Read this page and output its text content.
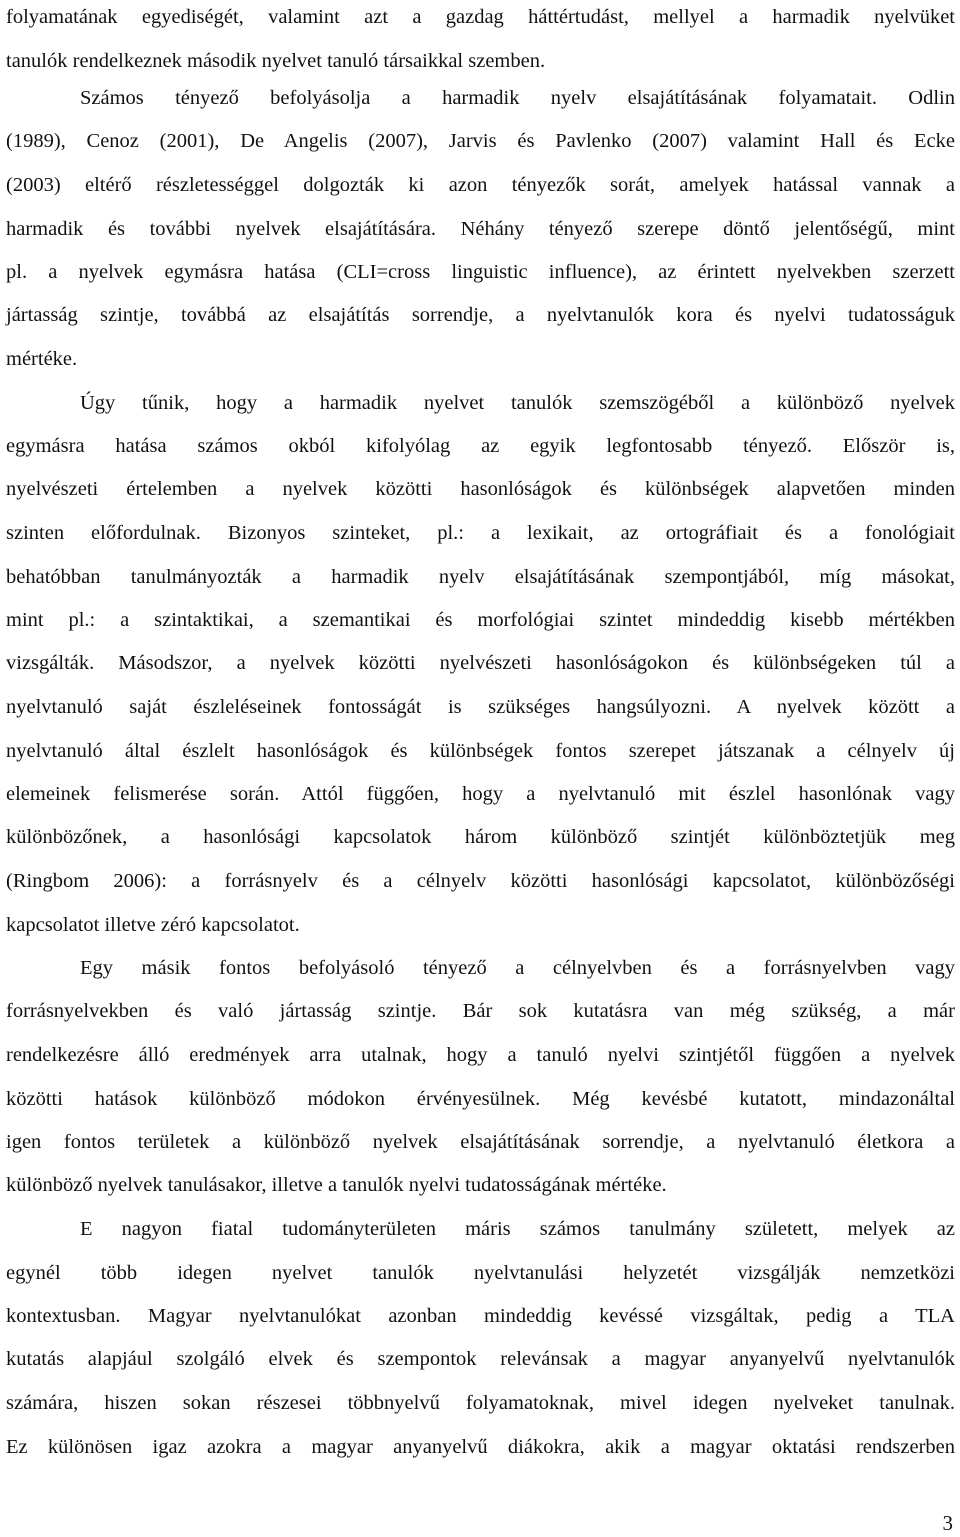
folyamatának egyediségét, valamint azt a gazdag háttértudást, mellyel a harmadik nyelvüket
tanulók rendelkeznek második nyelvet tanuló társaikkal szemben.
Számos tényező befolyásolja a harmadik nyelv elsajátításának folyamatait. Odlin
(1989), Cenoz (2001), De Angelis (2007), Jarvis és Pavlenko (2007) valamint Hall és Ecke
(2003) eltérő részletességgel dolgozták ki azon tényezők sorát, amelyek hatással vannak a
harmadik és további nyelvek elsajátítására. Néhány tényező szerepe döntő jelentőségű, mint
pl. a nyelvek egymásra hatása (CLI=cross linguistic influence), az érintett nyelvekben szerzett
jártasság szintje, továbbá az elsajátítás sorrendje, a nyelvtanulók kora és nyelvi tudatosságuk
mértéke.
Úgy tűnik, hogy a harmadik nyelvet tanulók szemszögéből a különböző nyelvek
egymásra hatása számos okból kifolyólag az egyik legfontosabb tényező. Először is,
nyelvészeti értelemben a nyelvek közötti hasonlóságok és különbségek alapvetően minden
szinten előfordulnak. Bizonyos szinteket, pl.: a lexikait, az ortográfiait és a fonológiait
behatóbban tanulmányozták a harmadik nyelv elsajátításának szempontjából, míg másokat,
mint pl.: a szintaktikai, a szemantikai és morfológiai szintet mindeddig kisebb mértékben
vizsgálták. Másodszor, a nyelvek közötti nyelvészeti hasonlóságokon és különbségeken túl a
nyelvtanuló saját észleléseinek fontosságát is szükséges hangsúlyozni. A nyelvek között a
nyelvtanuló által észlelt hasonlóságok és különbségek fontos szerepet játszanak a célnyelv új
elemeinek felismerése során. Attól függően, hogy a nyelvtanuló mit észlel hasonlónak vagy
különbözőnek, a hasonlósági kapcsolatok három különböző szintjét különböztetjük meg
(Ringbom 2006): a forrásnyelv és a célnyelv közötti hasonlósági kapcsolatot, különbözőségi
kapcsolatot illetve zéró kapcsolatot.
Egy másik fontos befolyásoló tényező a célnyelvben és a forrásnyelvben vagy
forrásnyelvekben és való jártasság szintje. Bár sok kutatásra van még szükség, a már
rendelkezésre álló eredmények arra utalnak, hogy a tanuló nyelvi szintjétől függően a nyelvek
közötti hatások különböző módokon érvényesülnek. Még kevésbé kutatott, mindazonáltal
igen fontos területek a különböző nyelvek elsajátításának sorrendje, a nyelvtanuló életkora a
különböző nyelvek tanulásakor, illetve a tanulók nyelvi tudatosságának mértéke.
E nagyon fiatal tudományterületen máris számos tanulmány született, melyek az
egynél több idegen nyelvet tanulók nyelvtanulási helyzetét vizsgálják nemzetközi
kontextusban. Magyar nyelvtanulókat azonban mindeddig kevéssé vizsgáltak, pedig a TLA
kutatás alapjául szolgáló elvek és szempontok relevánsak a magyar anyanyelvű nyelvtanulók
számára, hiszen sokan részesei többnyelvű folyamatoknak, mivel idegen nyelveket tanulnak.
Ez különösen igaz azokra a magyar anyanyelvű diákokra, akik a magyar oktatási rendszerben
3
